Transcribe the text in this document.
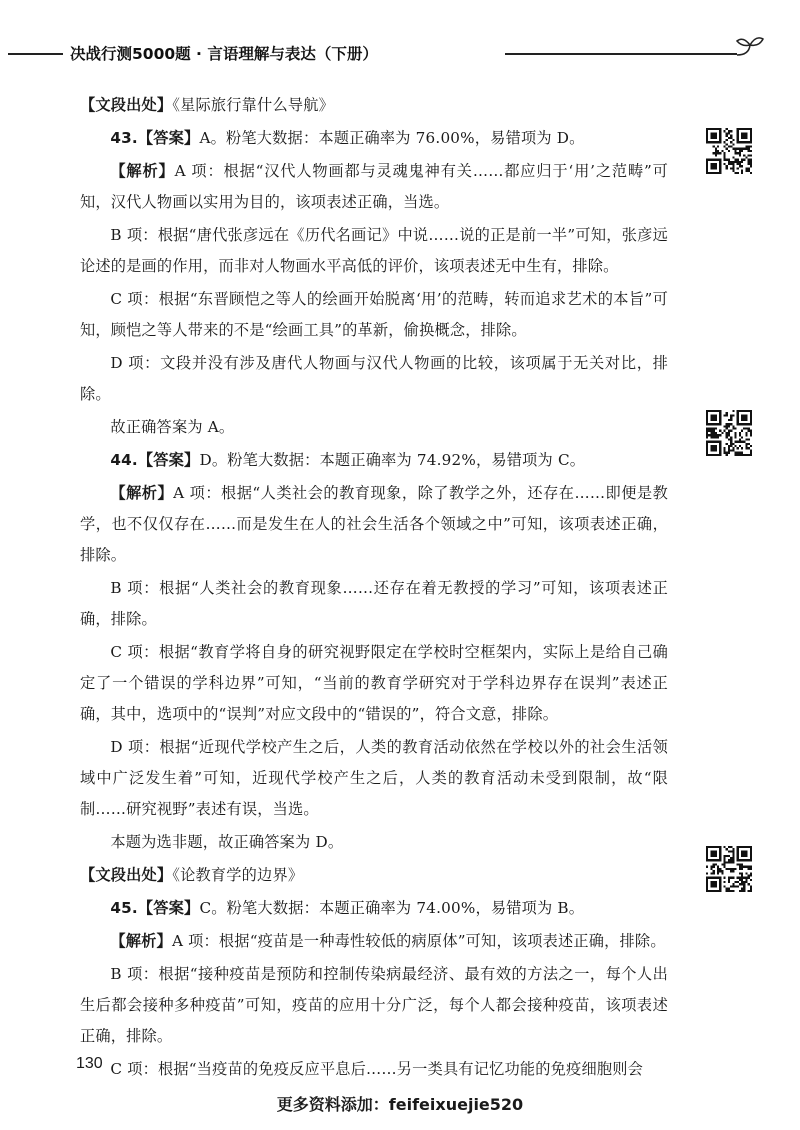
决战行测5000题 · 言语理解与表达（下册）

【文段出处】《星际旅行靠什么导航》

43.【答案】A。粉笔大数据：本题正确率为 76.00%，易错项为 D。

【解析】A 项：根据“汉代人物画都与灵魂鬼神有关……都应归于‘用’之范畴”可知，汉代人物画以实用为目的，该项表述正确，当选。

B 项：根据“唐代张彦远在《历代名画记》中说……说的正是前一半”可知，张彦远论述的是画的作用，而非对人物画水平高低的评价，该项表述无中生有，排除。

C 项：根据“东晋顾恺之等人的绘画开始脱离‘用’的范畴，转而追求艺术的本旨”可知，顾恺之等人带来的不是“绘画工具”的革新，偷换概念，排除。

D 项：文段并没有涉及唐代人物画与汉代人物画的比较，该项属于无关对比，排除。

故正确答案为 A。

44.【答案】D。粉笔大数据：本题正确率为 74.92%，易错项为 C。

【解析】A 项：根据“人类社会的教育现象，除了教学之外，还存在……即便是教学，也不仅仅存在……而是发生在人的社会生活各个领域之中”可知，该项表述正确，排除。

B 项：根据“人类社会的教育现象……还存在着无教授的学习”可知，该项表述正确，排除。

C 项：根据“教育学将自身的研究视野限定在学校时空框架内，实际上是给自己确定了一个错误的学科边界”可知，“当前的教育学研究对于学科边界存在误判”表述正确，其中，选项中的“误判”对应文段中的“错误的”，符合文意，排除。

D 项：根据“近现代学校产生之后，人类的教育活动依然在学校以外的社会生活领域中广泛发生着”可知，近现代学校产生之后，人类的教育活动未受到限制，故“限制……研究视野”表述有误，当选。

本题为选非题，故正确答案为 D。

【文段出处】《论教育学的边界》

45.【答案】C。粉笔大数据：本题正确率为 74.00%，易错项为 B。

【解析】A 项：根据“疫苗是一种毒性较低的病原体”可知，该项表述正确，排除。

B 项：根据“接种疫苗是预防和控制传染病最经济、最有效的方法之一，每个人出生后都会接种多种疫苗”可知，疫苗的应用十分广泛，每个人都会接种疫苗，该项表述正确，排除。

C 项：根据“当疫苗的免疫反应平息后……另一类具有记忆功能的免疫细胞则会

130
更多资料添加：feifeixuejie520
